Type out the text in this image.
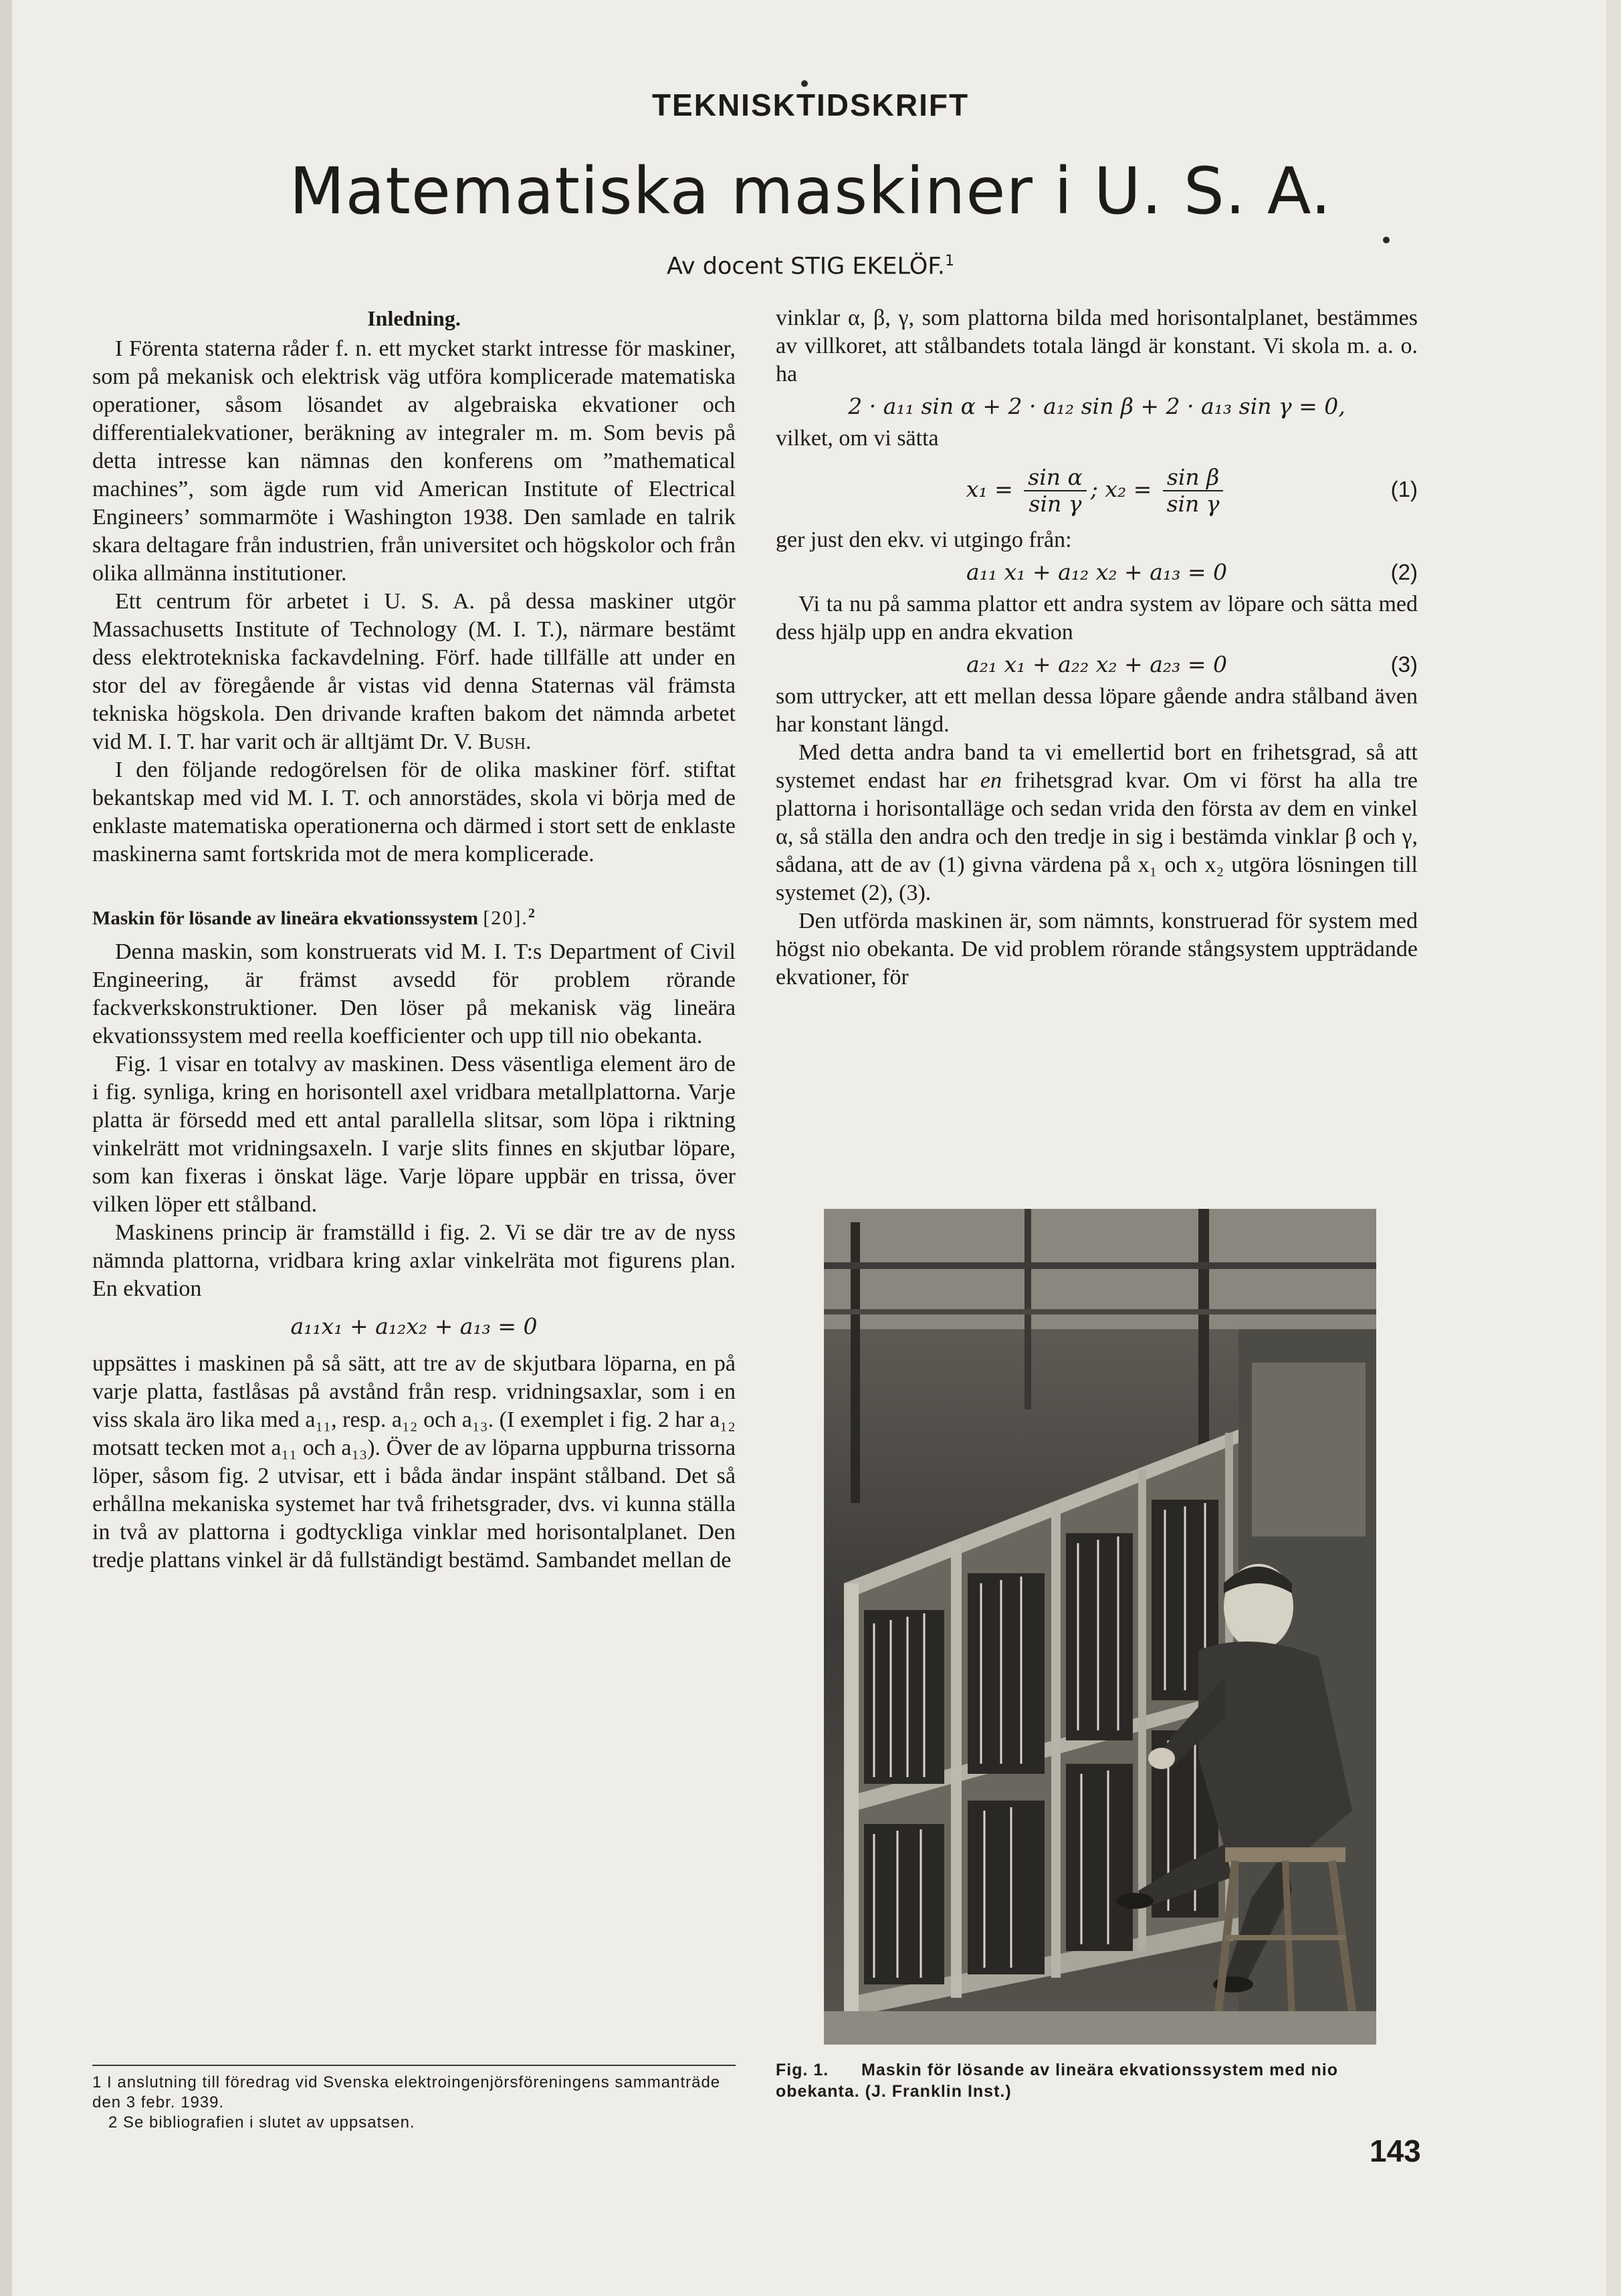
TEKNISKTIDSKRIFT
Matematiska maskiner i U. S. A.
Av docent STIG EKELÖF.$^1$
Inledning.

I Förenta staterna råder f. n. ett mycket starkt intresse för maskiner, som på mekanisk och elektrisk väg utföra komplicerade matematiska operationer, såsom lösandet av algebraiska ekvationer och differentialekvationer, beräkning av integraler m. m. Som bevis på detta intresse kan nämnas den konferens om ”mathematical machines”, som ägde rum vid American Institute of Electrical Engineers’ sommarmöte i Washington 1938. Den samlade en talrik skara deltagare från industrien, från universitet och högskolor och från olika allmänna institutioner.

Ett centrum för arbetet i U. S. A. på dessa maskiner utgör Massachusetts Institute of Technology (M. I. T.), närmare bestämt dess elektrotekniska fackavdelning. Förf. hade tillfälle att under en stor del av föregående år vistas vid denna Staternas väl främsta tekniska högskola. Den drivande kraften bakom det nämnda arbetet vid M. I. T. har varit och är alltjämt Dr. V. Bush.

I den följande redogörelsen för de olika maskiner förf. stiftat bekantskap med vid M. I. T. och annorstädes, skola vi börja med de enklaste matematiska operationerna och därmed i stort sett de enklaste maskinerna samt fortskrida mot de mera komplicerade.

Maskin för lösande av lineära ekvationssystem [20].$^2$

Denna maskin, som konstruerats vid M. I. T:s Department of Civil Engineering, är främst avsedd för problem rörande fackverkskonstruktioner. Den löser på mekanisk väg lineära ekvationssystem med reella koefficienter och upp till nio obekanta.

Fig. 1 visar en totalvy av maskinen. Dess väsentliga element äro de i fig. synliga, kring en horisontell axel vridbara metallplattorna. Varje platta är försedd med ett antal parallella slitsar, som löpa i riktning vinkelrätt mot vridningsaxeln. I varje slits finnes en skjutbar löpare, som kan fixeras i önskat läge. Varje löpare uppbär en trissa, över vilken löper ett stålband.

Maskinens princip är framställd i fig. 2. Vi se där tre av de nyss nämnda plattorna, vridbara kring axlar vinkelräta mot figurens plan. En ekvation

a₁₁x₁ + a₁₂x₂ + a₁₃ = 0

uppsättes i maskinen på så sätt, att tre av de skjutbara löparna, en på varje platta, fastlåsas på avstånd från resp. vridningsaxlar, som i en viss skala äro lika med a₁₁, resp. a₁₂ och a₁₃. (I exemplet i fig. 2 har a₁₂ motsatt tecken mot a₁₁ och a₁₃). Över de av löparna uppburna trissorna löper, såsom fig. 2 utvisar, ett i båda ändar inspänt stålband. Det så erhållna mekaniska systemet har två frihetsgrader, dvs. vi kunna ställa in två av plattorna i godtyckliga vinklar med horisontalplanet. Den tredje plattans vinkel är då fullständigt bestämd. Sambandet mellan de

1 I anslutning till föredrag vid Svenska elektroingenjörsföreningens sammanträde den 3 febr. 1939.

2 Se bibliografien i slutet av uppsatsen.

vinklar α, β, γ, som plattorna bilda med horisontalplanet, bestämmes av villkoret, att stålbandets totala längd är konstant. Vi skola m. a. o. ha

2 · a₁₁ sin α + 2 · a₁₂ sin β + 2 · a₁₃ sin γ = 0,

vilket, om vi sätta

$x_1 = \frac{\text{sin α}}{\text{sin γ}}$ ; $x_2 = \frac{\text{sin β}}{\text{sin γ}}$	(1)

ger just den ekv. vi utgingo från:

a₁₁ x₁ + a₁₂ x₂ + a₁₃ = 0	(2)

Vi ta nu på samma plattor ett andra system av löpare och sätta med dess hjälp upp en andra ekvation

a₂₁ x₁ + a₂₂ x₂ + a₂₃ = 0	(3)

som uttrycker, att ett mellan dessa löpare gående andra stålband även har konstant längd.

Med detta andra band ta vi emellertid bort en frihetsgrad, så att systemet endast har en frihetsgrad kvar. Om vi först ha alla tre plattorna i horisontalläge och sedan vrida den första av dem en vinkel α, så ställa den andra och den tredje in sig i bestämda vinklar β och γ, sådana, att de av (1) givna värdena på x₁ och x₂ utgöra lösningen till systemet (2), (3).

Den utförda maskinen är, som nämnts, konstruerad för system med högst nio obekanta. De vid problem rörande stångsystem uppträdande ekvationer, för

Fig. 1. Maskin för lösande av lineära ekvationssystem med nio obekanta. (J. Franklin Inst.)
143
